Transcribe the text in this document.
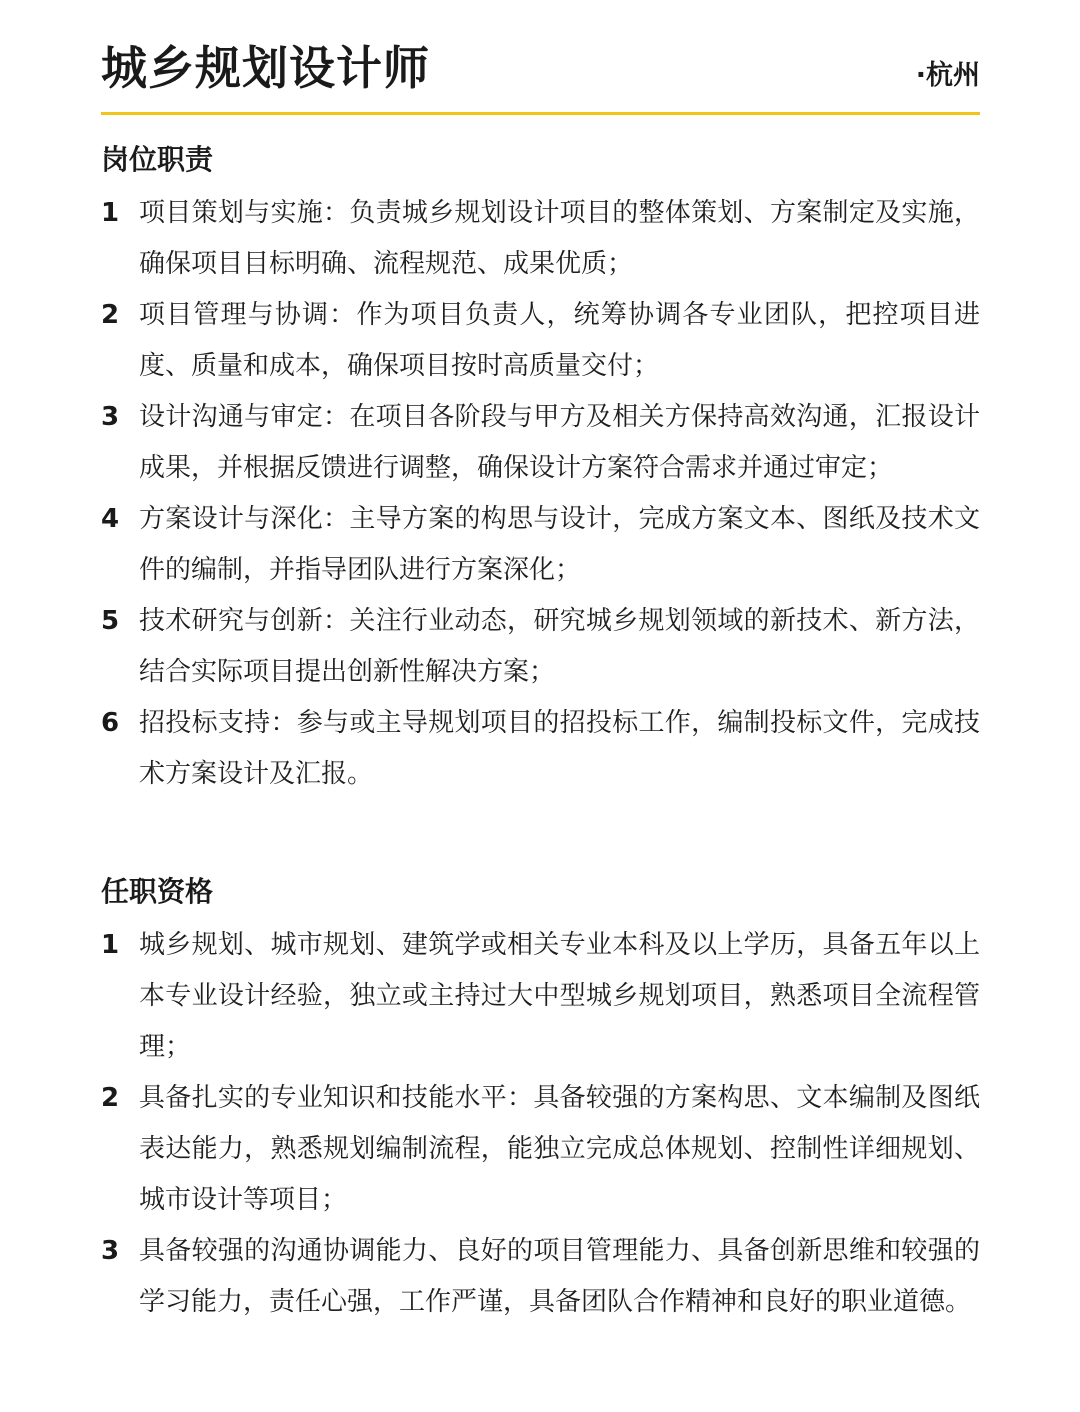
城乡规划设计师	·杭州
岗位职责
1 项目策划与实施：负责城乡规划设计项目的整体策划、方案制定及实施，确保项目目标明确、流程规范、成果优质；
2 项目管理与协调：作为项目负责人，统筹协调各专业团队，把控项目进度、质量和成本，确保项目按时高质量交付；
3 设计沟通与审定：在项目各阶段与甲方及相关方保持高效沟通，汇报设计成果，并根据反馈进行调整，确保设计方案符合需求并通过审定；
4 方案设计与深化：主导方案的构思与设计，完成方案文本、图纸及技术文件的编制，并指导团队进行方案深化；
5 技术研究与创新：关注行业动态，研究城乡规划领域的新技术、新方法，结合实际项目提出创新性解决方案；
6 招投标支持：参与或主导规划项目的招投标工作，编制投标文件，完成技术方案设计及汇报。
任职资格
1 城乡规划、城市规划、建筑学或相关专业本科及以上学历，具备五年以上本专业设计经验，独立或主持过大中型城乡规划项目，熟悉项目全流程管理；
2 具备扎实的专业知识和技能水平：具备较强的方案构思、文本编制及图纸表达能力，熟悉规划编制流程，能独立完成总体规划、控制性详细规划、城市设计等项目；
3 具备较强的沟通协调能力、良好的项目管理能力、具备创新思维和较强的学习能力，责任心强，工作严谨，具备团队合作精神和良好的职业道德。
